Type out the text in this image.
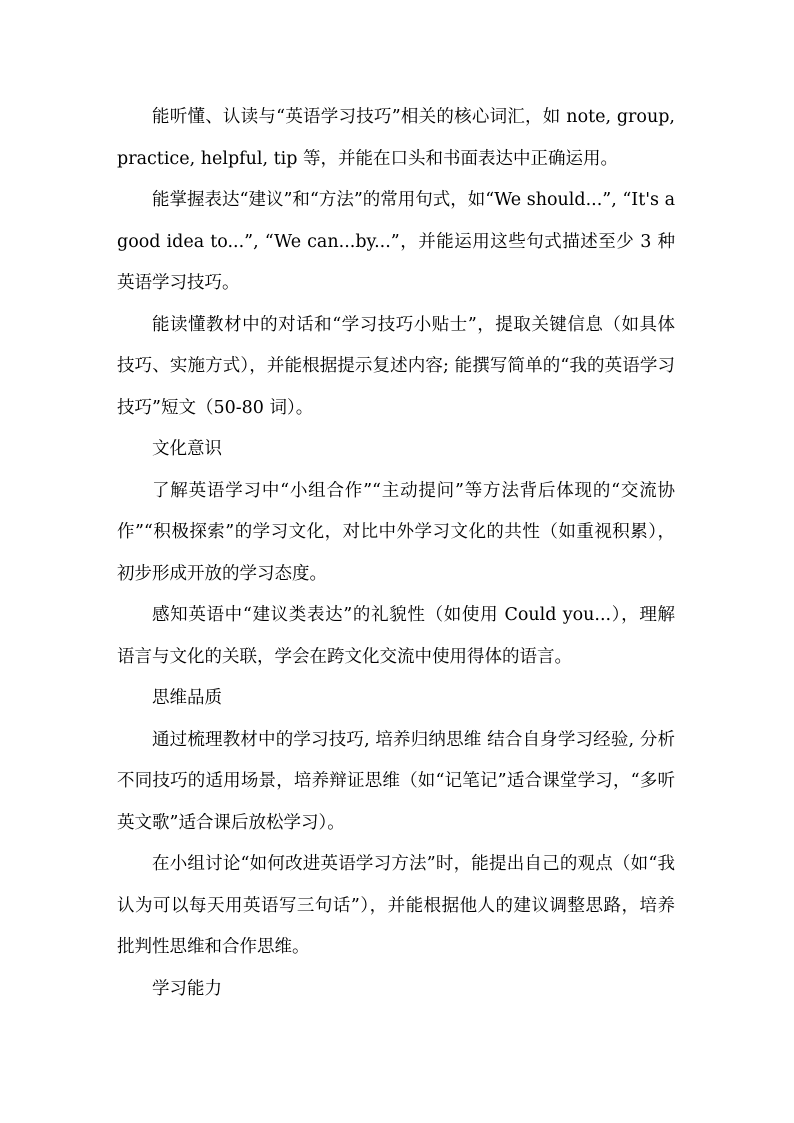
能听懂、认读与“英语学习技巧”相关的核心词汇，如 note, group, practice, helpful, tip 等，并能在口头和书面表达中正确运用。

能掌握表达“建议”和“方法”的常用句式，如“We should...”, “It's a good idea to...”, “We can...by...”，并能运用这些句式描述至少 3 种英语学习技巧。

能读懂教材中的对话和“学习技巧小贴士”，提取关键信息（如具体技巧、实施方式），并能根据提示复述内容; 能撰写简单的“我的英语学习技巧”短文（50-80 词）。

文化意识

了解英语学习中“小组合作”“主动提问”等方法背后体现的“交流协作”“积极探索”的学习文化，对比中外学习文化的共性（如重视积累），初步形成开放的学习态度。

感知英语中“建议类表达”的礼貌性（如使用 Could you...），理解语言与文化的关联，学会在跨文化交流中使用得体的语言。

思维品质

通过梳理教材中的学习技巧, 培养归纳思维 结合自身学习经验, 分析不同技巧的适用场景，培养辩证思维（如“记笔记”适合课堂学习，“多听英文歌”适合课后放松学习）。

在小组讨论“如何改进英语学习方法”时，能提出自己的观点（如“我认为可以每天用英语写三句话”），并能根据他人的建议调整思路，培养批判性思维和合作思维。

学习能力
